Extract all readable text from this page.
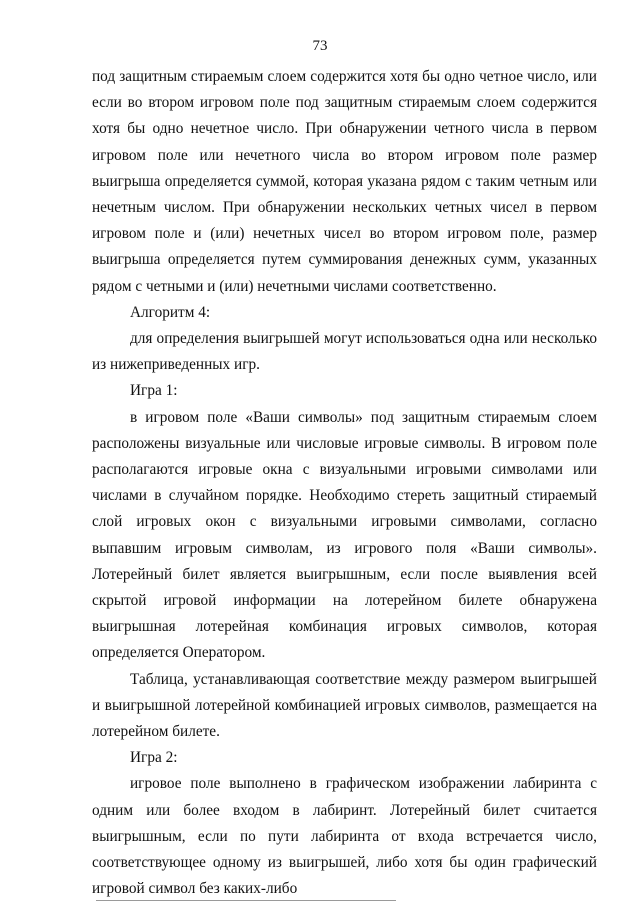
73

под защитным стираемым слоем содержится хотя бы одно четное число, или если во втором игровом поле под защитным стираемым слоем содержится хотя бы одно нечетное число. При обнаружении четного числа в первом игровом поле или нечетного числа во втором игровом поле размер выигрыша определяется суммой, которая указана рядом с таким четным или нечетным числом. При обнаружении нескольких четных чисел в первом игровом поле и (или) нечетных чисел во втором игровом поле, размер выигрыша определяется путем суммирования денежных сумм, указанных рядом с четными и (или) нечетными числами соответственно.

Алгоритм 4:

для определения выигрышей могут использоваться одна или несколько из нижеприведенных игр.

Игра 1:

в игровом поле «Ваши символы» под защитным стираемым слоем расположены визуальные или числовые игровые символы. В игровом поле располагаются игровые окна с визуальными игровыми символами или числами в случайном порядке. Необходимо стереть защитный стираемый слой игровых окон с визуальными игровыми символами, согласно выпавшим игровым символам, из игрового поля «Ваши символы». Лотерейный билет является выигрышным, если после выявления всей скрытой игровой информации на лотерейном билете обнаружена выигрышная лотерейная комбинация игровых символов, которая определяется Оператором.

Таблица, устанавливающая соответствие между размером выигрышей и выигрышной лотерейной комбинацией игровых символов, размещается на лотерейном билете.

Игра 2:

игровое поле выполнено в графическом изображении лабиринта с одним или более входом в лабиринт. Лотерейный билет считается выигрышным, если по пути лабиринта от входа встречается число, соответствующее одному из выигрышей, либо хотя бы один графический игровой символ без каких-либо
